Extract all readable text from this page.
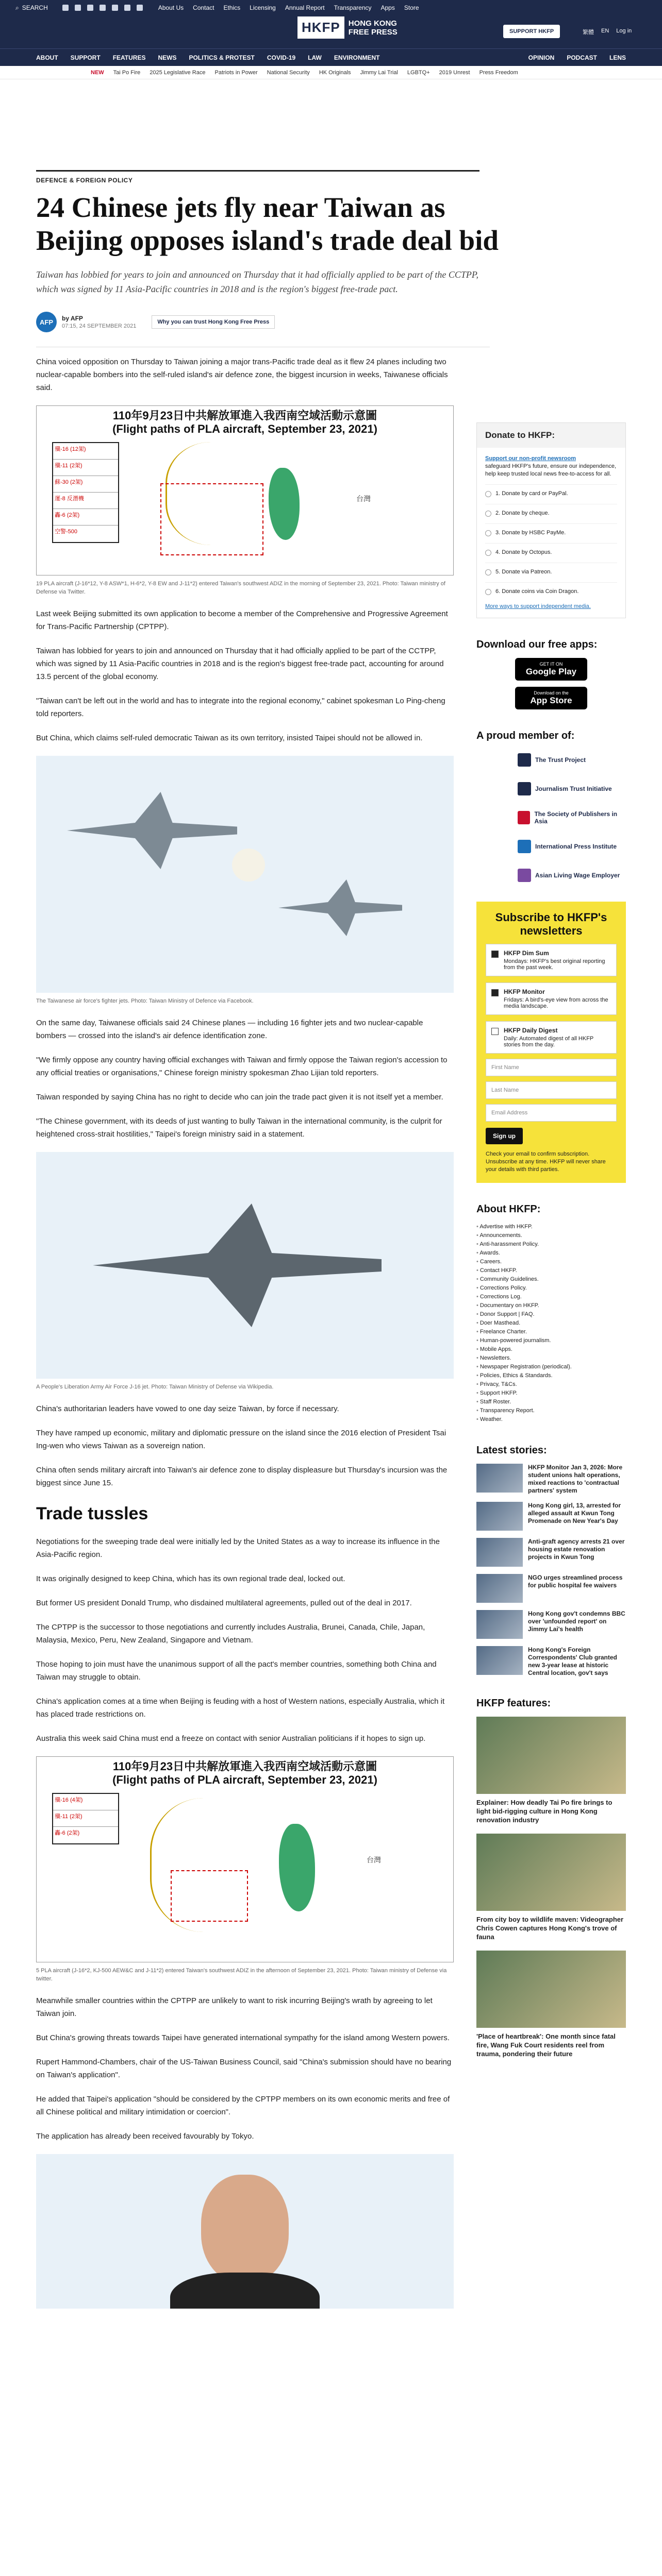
⌕ SEARCH	About Us Contact Ethics Licensing Annual Report Transparency Apps Store
HKFP	HONG KONG
FREE PRESS	SUPPORT HKFP	繁體 EN Log in
ABOUT SUPPORT FEATURES NEWS POLITICS & PROTEST COVID-19 LAW ENVIRONMENT	OPINION PODCAST LENS
NEW Tai Po Fire 2025 Legislative Race Patriots in Power National Security HK Originals Jimmy Lai Trial LGBTQ+ 2019 Unrest Press Freedom
DEFENCE & FOREIGN POLICY
24 Chinese jets fly near Taiwan as Beijing opposes island's trade deal bid
Taiwan has lobbied for years to join and announced on Thursday that it had officially applied to be part of the CCTPP, which was signed by 11 Asia-Pacific countries in 2018 and is the region's biggest free-trade pact.
AFP	by AFP
07:15, 24 SEPTEMBER 2021
Why you can trust Hong Kong Free Press

China voiced opposition on Thursday to Taiwan joining a major trans-Pacific trade deal as it flew 24 planes including two nuclear-capable bombers into the self-ruled island's air defence zone, the biggest incursion in weeks, Taiwanese officials said.

110年9月23日中共解放軍進入我西南空域活動示意圖
(Flight paths of PLA aircraft, September 23, 2021)
殲-16 (12架)
殲-11 (2架)
蘇-30 (2架)
運-8 反潛機
轟-6 (2架)
空警-500
台灣
19 PLA aircraft (J-16*12, Y-8 ASW*1, H-6*2, Y-8 EW and J-11*2) entered Taiwan's southwest ADIZ in the morning of September 23, 2021. Photo: Taiwan ministry of Defense via Twitter.

Last week Beijing submitted its own application to become a member of the Comprehensive and Progressive Agreement for Trans-Pacific Partnership (CPTPP).

Taiwan has lobbied for years to join and announced on Thursday that it had officially applied to be part of the CCTPP, which was signed by 11 Asia-Pacific countries in 2018 and is the region's biggest free-trade pact, accounting for around 13.5 percent of the global economy.

"Taiwan can't be left out in the world and has to integrate into the regional economy," cabinet spokesman Lo Ping-cheng told reporters.

But China, which claims self-ruled democratic Taiwan as its own territory, insisted Taipei should not be allowed in.

The Taiwanese air force's fighter jets. Photo: Taiwan Ministry of Defence via Facebook.

On the same day, Taiwanese officials said 24 Chinese planes — including 16 fighter jets and two nuclear-capable bombers — crossed into the island's air defence identification zone.

"We firmly oppose any country having official exchanges with Taiwan and firmly oppose the Taiwan region's accession to any official treaties or organisations," Chinese foreign ministry spokesman Zhao Lijian told reporters.

Taiwan responded by saying China has no right to decide who can join the trade pact given it is not itself yet a member.

"The Chinese government, with its deeds of just wanting to bully Taiwan in the international community, is the culprit for heightened cross-strait hostilities," Taipei's foreign ministry said in a statement.

A People's Liberation Army Air Force J-16 jet. Photo: Taiwan Ministry of Defense via Wikipedia.

China's authoritarian leaders have vowed to one day seize Taiwan, by force if necessary.

They have ramped up economic, military and diplomatic pressure on the island since the 2016 election of President Tsai Ing-wen who views Taiwan as a sovereign nation.

China often sends military aircraft into Taiwan's air defence zone to display displeasure but Thursday's incursion was the biggest since June 15.

Trade tussles

Negotiations for the sweeping trade deal were initially led by the United States as a way to increase its influence in the Asia-Pacific region.

It was originally designed to keep China, which has its own regional trade deal, locked out.

But former US president Donald Trump, who disdained multilateral agreements, pulled out of the deal in 2017.

The CPTPP is the successor to those negotiations and currently includes Australia, Brunei, Canada, Chile, Japan, Malaysia, Mexico, Peru, New Zealand, Singapore and Vietnam.

Those hoping to join must have the unanimous support of all the pact's member countries, something both China and Taiwan may struggle to obtain.

China's application comes at a time when Beijing is feuding with a host of Western nations, especially Australia, which it has placed trade restrictions on.

Australia this week said China must end a freeze on contact with senior Australian politicians if it hopes to sign up.

110年9月23日中共解放軍進入我西南空域活動示意圖
(Flight paths of PLA aircraft, September 23, 2021)
殲-16 (4架)
殲-11 (2架)
轟-6 (2架)
台灣
5 PLA aircraft (J-16*2, KJ-500 AEW&C and J-11*2) entered Taiwan's southwest ADIZ in the afternoon of September 23, 2021. Photo: Taiwan ministry of Defense via twitter.

Meanwhile smaller countries within the CPTPP are unlikely to want to risk incurring Beijing's wrath by agreeing to let Taiwan join.

But China's growing threats towards Taipei have generated international sympathy for the island among Western powers.

Rupert Hammond-Chambers, chair of the US-Taiwan Business Council, said "China's submission should have no bearing on Taiwan's application".

He added that Taipei's application "should be considered by the CPTPP members on its own economic merits and free of all Chinese political and military intimidation or coercion".

The application has already been received favourably by Tokyo.

Donate to HKFP:
Support our non-profit newsroom
safeguard HKFP's future, ensure our independence, help keep trusted local news free-to-access for all.
1. Donate by card or PayPal.
2. Donate by cheque.
3. Donate by HSBC PayMe.
4. Donate by Octopus.
5. Donate via Patreon.
6. Donate coins via Coin Dragon.
More ways to support independent media.
Download our free apps:
GET IT ON
Google Play
Download on the
App Store
A proud member of:
The Trust Project
Journalism Trust Initiative
The Society of Publishers in Asia
International Press Institute
Asian Living Wage Employer
Subscribe to HKFP's newsletters
HKFP Dim Sum
Mondays: HKFP's best original reporting from the past week.
HKFP Monitor
Fridays: A bird's-eye view from across the media landscape.
HKFP Daily Digest
Daily: Automated digest of all HKFP stories from the day.
First Name
Last Name
Email Address
Sign up
Check your email to confirm subscription. Unsubscribe at any time. HKFP will never share your details with third parties.
About HKFP:
• Advertise with HKFP.
• Announcements.
• Anti-harassment Policy.
• Awards.
• Careers.
• Contact HKFP.
• Community Guidelines.
• Corrections Policy.
• Corrections Log.
• Documentary on HKFP.
• Donor Support | FAQ.
• Doer Masthead.
• Freelance Charter.
• Human-powered journalism.
• Mobile Apps.
• Newsletters.
• Newspaper Registration (periodical).
• Policies, Ethics & Standards.
• Privacy, T&Cs.
• Support HKFP.
• Staff Roster.
• Transparency Report.
• Weather.
Latest stories:
HKFP Monitor Jan 3, 2026: More student unions halt operations, mixed reactions to 'contractual partners' system
Hong Kong girl, 13, arrested for alleged assault at Kwun Tong Promenade on New Year's Day
Anti-graft agency arrests 21 over housing estate renovation projects in Kwun Tong
NGO urges streamlined process for public hospital fee waivers
Hong Kong gov't condemns BBC over 'unfounded report' on Jimmy Lai's health
Hong Kong's Foreign Correspondents' Club granted new 3-year lease at historic Central location, gov't says
HKFP features:
Explainer: How deadly Tai Po fire brings to light bid-rigging culture in Hong Kong renovation industry
From city boy to wildlife maven: Videographer Chris Cowen captures Hong Kong's trove of fauna
'Place of heartbreak': One month since fatal fire, Wang Fuk Court residents reel from trauma, pondering their future
